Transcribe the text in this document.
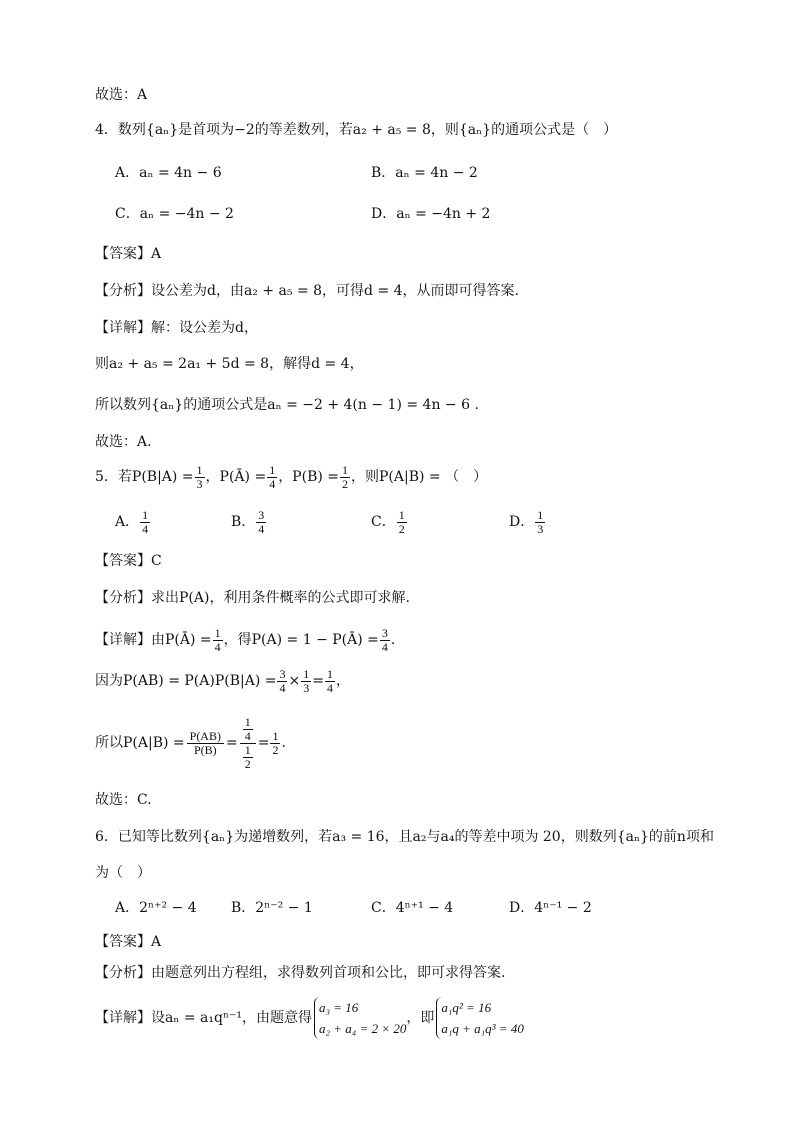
故选：A
4．数列{aₙ}是首项为−2的等差数列，若a₂ + a₅ = 8，则{aₙ}的通项公式是（　）
A．aₙ = 4n − 6	B．aₙ = 4n − 2
C．aₙ = −4n − 2	D．aₙ = −4n + 2
【答案】A
【分析】设公差为d，由a₂ + a₅ = 8，可得d = 4，从而即可得答案.
【详解】解：设公差为d，
则a₂ + a₅ = 2a₁ + 5d = 8，解得d = 4，
所以数列{aₙ}的通项公式是aₙ = −2 + 4(n − 1) = 4n − 6 .
故选：A.
5．若$P(B|A) = \frac{1}{3}$ ，P(Ā) = $\frac{1}{4}$ ，$P(B) = \frac{1}{2}$ ，则P(A|B) = （　）
A． $\frac{1}{4}$	B． $\frac{3}{4}$	C． $\frac{1}{2}$	D． $\frac{1}{3}$
【答案】C
【分析】求出P(A)，利用条件概率的公式即可求解.
【详解】由P(Ā) = $\frac{1}{4}$ ，得P(A) = 1 − P(Ā) = $\frac{3}{4}$ .
因为$P(AB) = P(A)P(B|A) = \frac{3}{4} \times \frac{1}{3} = \frac{1}{4}$ ，
所以$P(A|B) = \frac{P(AB)}{P(B)} = \frac{\frac{1}{4}}{\frac{1}{2}} = \frac{1}{2}$ .
故选：C.
6．已知等比数列{aₙ}为递增数列，若a₃ = 16，且a₂与a₄的等差中项为 20，则数列{aₙ}的前n项和
为（　）
A．2ⁿ⁺² − 4 B．2ⁿ⁻² − 1	C．4ⁿ⁺¹ − 4	D．4ⁿ⁻¹ − 2
【答案】A
【分析】由题意列出方程组，求得数列首项和公比，即可求得答案.
【详解】设aₙ = a₁qⁿ⁻¹，由题意得
a₃ = 16
a₂ + a₄ = 2 × 20
，即
a₁q² = 16
a₁q + a₁q³ = 40
